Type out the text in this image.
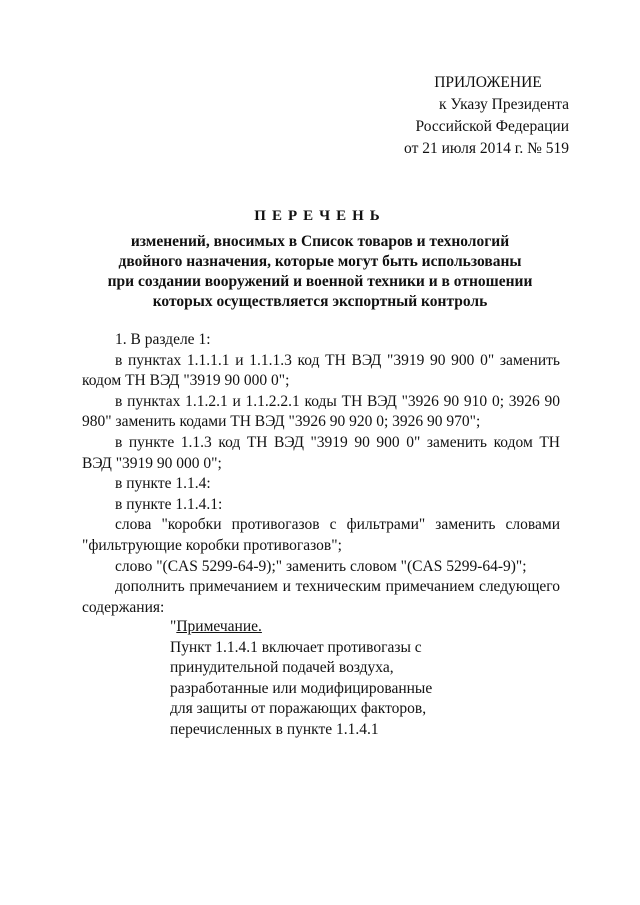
ПРИЛОЖЕНИЕ
к Указу Президента
Российской Федерации
от 21 июля 2014 г. № 519
ПЕРЕЧЕНЬ
изменений, вносимых в Список товаров и технологий
двойного назначения, которые могут быть использованы
при создании вооружений и военной техники и в отношении
которых осуществляется экспортный контроль

1. В разделе 1:

в пунктах 1.1.1.1 и 1.1.1.3 код ТН ВЭД "3919 90 900 0" заменить кодом ТН ВЭД "3919 90 000 0";

в пунктах 1.1.2.1 и 1.1.2.2.1 коды ТН ВЭД "3926 90 910 0; 3926 90 980" заменить кодами ТН ВЭД "3926 90 920 0; 3926 90 970";

в пункте 1.1.3 код ТН ВЭД "3919 90 900 0" заменить кодом ТН ВЭД "3919 90 000 0";

в пункте 1.1.4:

в пункте 1.1.4.1:

слова "коробки противогазов с фильтрами" заменить словами "фильтрующие коробки противогазов";

слово "(CAS 5299-64-9);" заменить словом "(CAS 5299-64-9)";

дополнить примечанием и техническим примечанием следующего содержания:

"Примечание.
Пункт 1.1.4.1 включает противогазы с
принудительной подачей воздуха,
разработанные или модифицированные
для защиты от поражающих факторов,
перечисленных в пункте 1.1.4.1
